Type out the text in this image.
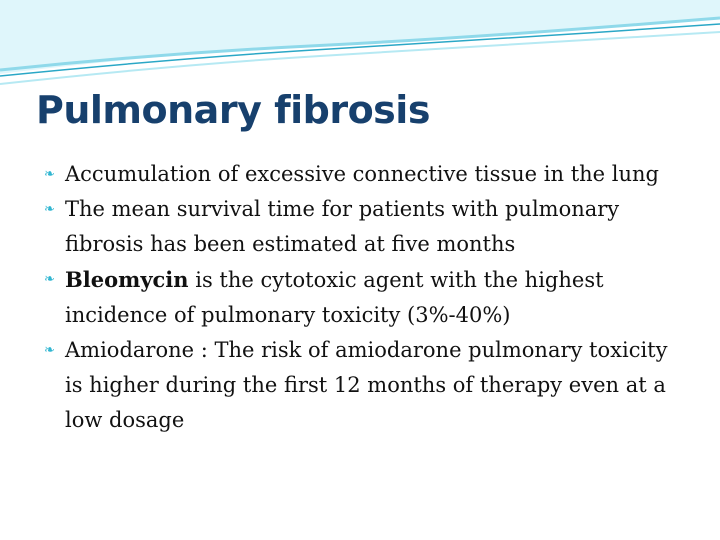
Pulmonary fibrosis
❧ Accumulation of excessive connective tissue in the lung
❧ The mean survival time for patients with pulmonary fibrosis has been estimated at five months
❧ Bleomycin is the cytotoxic agent with the highest incidence of pulmonary toxicity (3%-40%)
❧ Amiodarone : The risk of amiodarone pulmonary toxicity is higher during the first 12 months of therapy even at a low dosage
